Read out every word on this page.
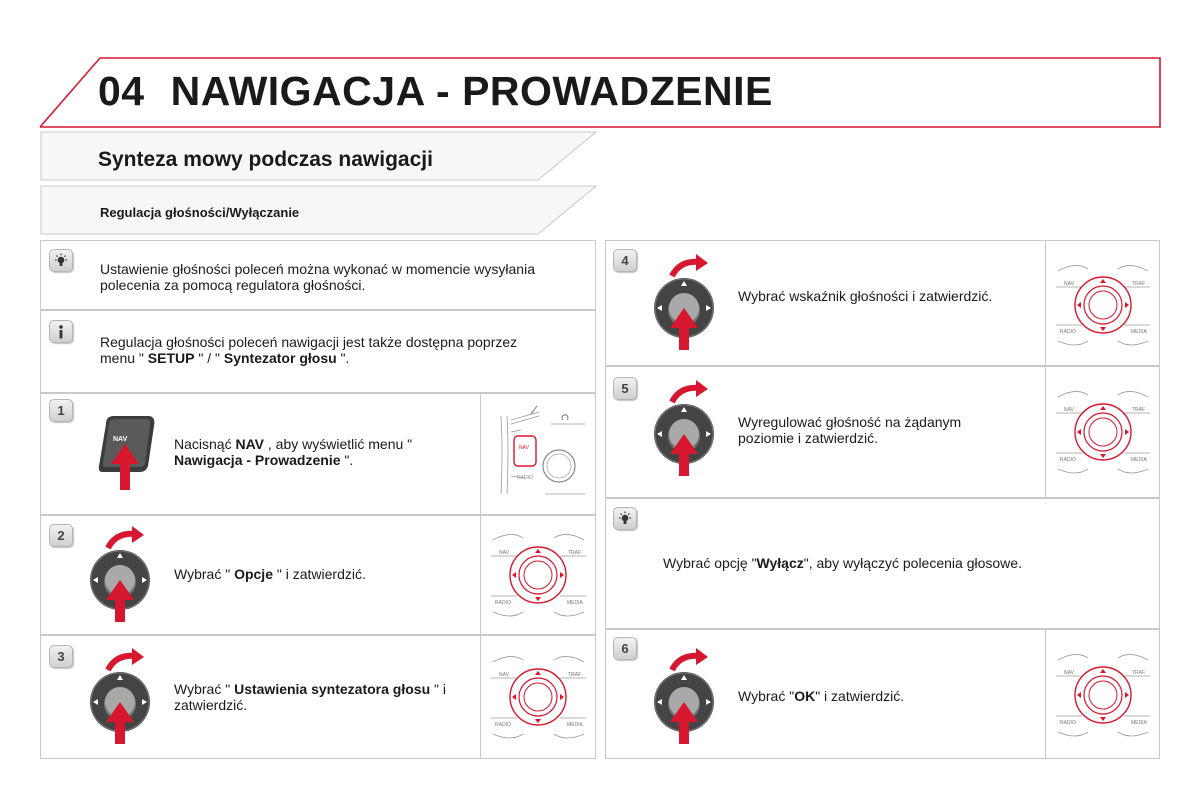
04 NAWIGACJA - PROWADZENIE
Synteza mowy podczas nawigacji
Regulacja głośności/Wyłączanie
Ustawienie głośności poleceń można wykonać w momencie wysyłania polecenia za pomocą regulatora głośności.
Regulacja głośności poleceń nawigacji jest także dostępna poprzez menu " SETUP " / " Syntezator głosu ".
1
NAV	Nacisnąć NAV , aby wyświetlić menu " Nawigacja - Prowadzenie ".
NAV
RADIO
2
Wybrać " Opcje " i zatwierdzić.
NAV	TRAF
RADIO	MEDIA
3
Wybrać " Ustawienia syntezatora głosu " i zatwierdzić.
NAV	TRAF
RADIO	MEDIA
4
Wybrać wskaźnik głośności i zatwierdzić.
NAV	TRAF
RADIO	MEDIA
5
Wyregulować głośność na żądanym poziomie i zatwierdzić.
NAV	TRAF
RADIO	MEDIA
Wybrać opcję "Wyłącz", aby wyłączyć polecenia głosowe.
6
Wybrać "OK" i zatwierdzić.
NAV	TRAF
RADIO	MEDIA
